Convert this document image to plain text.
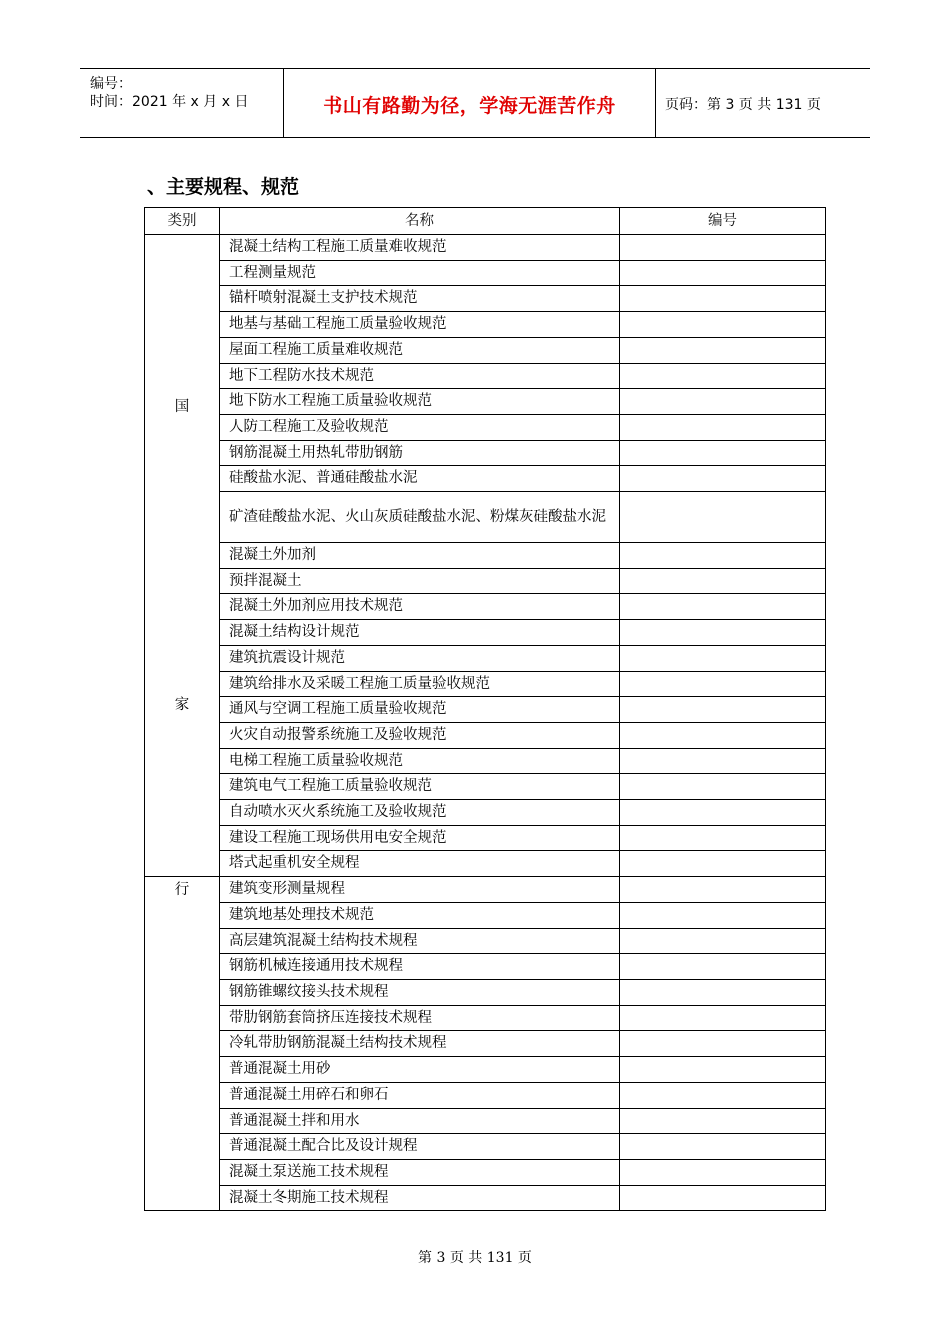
编号：
时间：2021 年 x 月 x 日	书山有路勤为径，学海无涯苦作舟	页码：第 3 页 共 131 页
、主要规程、规范
类别	名称	编号

国
家	混凝土结构工程施工质量难收规范	
	工程测量规范	
	锚杆喷射混凝土支护技术规范	
	地基与基础工程施工质量验收规范	
	屋面工程施工质量难收规范	
	地下工程防水技术规范	
	地下防水工程施工质量验收规范	
	人防工程施工及验收规范	
	钢筋混凝土用热轧带肋钢筋	
	硅酸盐水泥、普通硅酸盐水泥	
	矿渣硅酸盐水泥、火山灰质硅酸盐水泥、粉煤灰硅酸盐水泥	
	混凝土外加剂	
	预拌混凝土	
	混凝土外加剂应用技术规范	
	混凝土结构设计规范	
	建筑抗震设计规范	
	建筑给排水及采暖工程施工质量验收规范	
	通风与空调工程施工质量验收规范	
	火灾自动报警系统施工及验收规范	
	电梯工程施工质量验收规范	
	建筑电气工程施工质量验收规范	
	自动喷水灭火系统施工及验收规范	
	建设工程施工现场供用电安全规范	
	塔式起重机安全规程	

行	建筑变形测量规程	
	建筑地基处理技术规范	
	高层建筑混凝土结构技术规程	
	钢筋机械连接通用技术规程	
	钢筋锥螺纹接头技术规程	
	带肋钢筋套筒挤压连接技术规程	
	冷轧带肋钢筋混凝土结构技术规程	
	普通混凝土用砂	
	普通混凝土用碎石和卵石	
	普通混凝土拌和用水	
	普通混凝土配合比及设计规程	
	混凝土泵送施工技术规程	
	混凝土冬期施工技术规程	
第 3 页 共 131 页
